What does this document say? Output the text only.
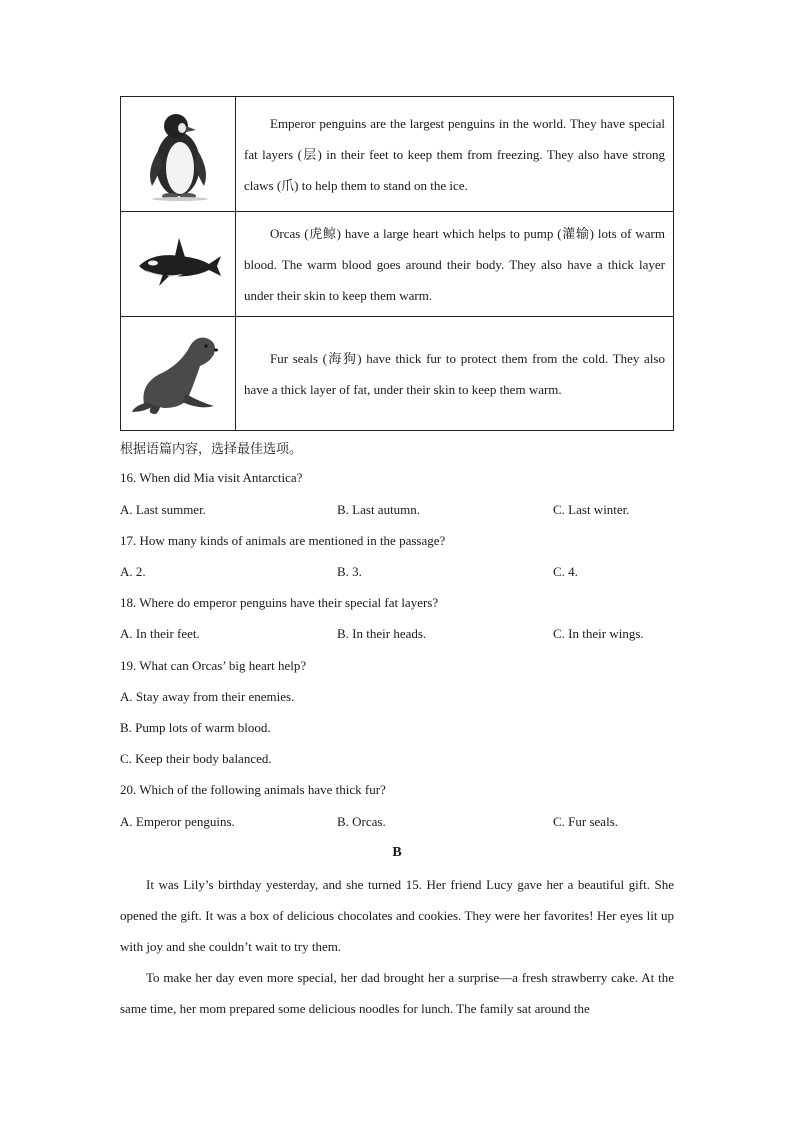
Emperor penguins are the largest penguins in the world. They have special fat layers (层) in their feet to keep them from freezing. They also have strong claws (爪) to help them to stand on the ice.

Orcas (虎鲸) have a large heart which helps to pump (灌输) lots of warm blood. The warm blood goes around their body. They also have a thick layer under their skin to keep them warm.

Fur seals (海狗) have thick fur to protect them from the cold. They also have a thick layer of fat, under their skin to keep them warm.

根据语篇内容，选择最佳选项。
16. When did Mia visit Antarctica?
A. Last summer.	B. Last autumn.	C. Last winter.
17. How many kinds of animals are mentioned in the passage?
A. 2.	B. 3.	C. 4.
18. Where do emperor penguins have their special fat layers?
A. In their feet.	B. In their heads.	C. In their wings.
19. What can Orcas’ big heart help?
A. Stay away from their enemies.
B. Pump lots of warm blood.
C. Keep their body balanced.
20. Which of the following animals have thick fur?
A. Emperor penguins.	B. Orcas.	C. Fur seals.
B

It was Lily’s birthday yesterday, and she turned 15. Her friend Lucy gave her a beautiful gift. She opened the gift. It was a box of delicious chocolates and cookies. They were her favorites! Her eyes lit up with joy and she couldn’t wait to try them.

To make her day even more special, her dad brought her a surprise—a fresh strawberry cake. At the same time, her mom prepared some delicious noodles for lunch. The family sat around the
